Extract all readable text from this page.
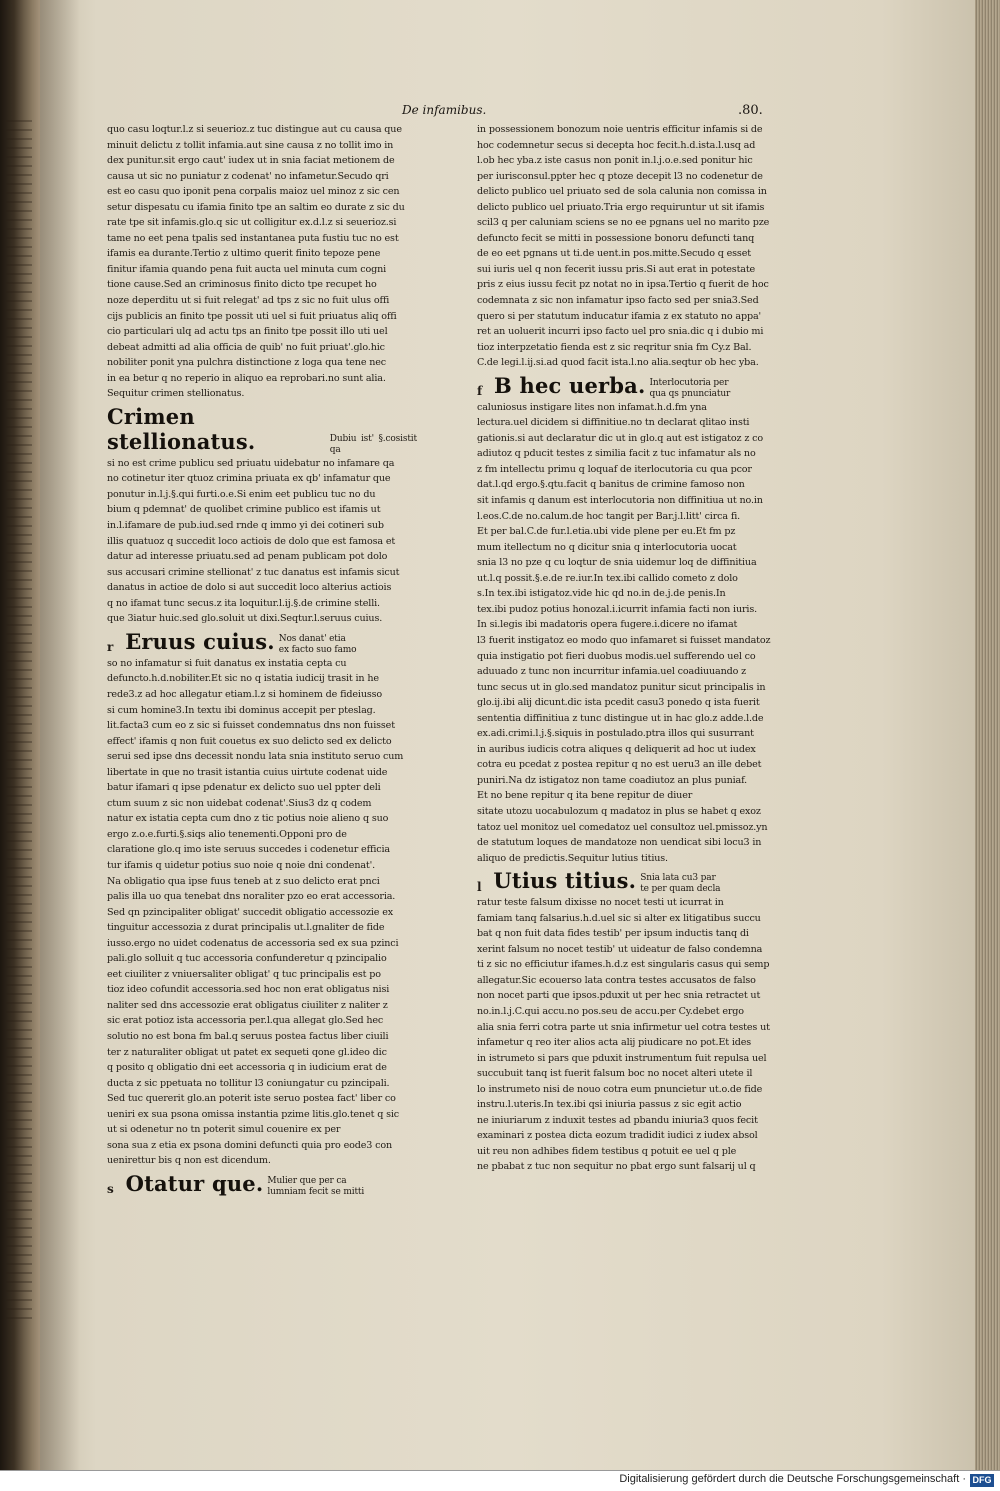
De infamibus.	.80.
quo casu loqtur.l.z si seuerioz.z tuc distingue aut cu causa que
minuit delictu z tollit infamia.aut sine causa z no tollit imo in
dex punitur.sit ergo caut' iudex ut in snia faciat metionem de
causa ut sic no puniatur z codenat' no infametur.Secudo qri
est eo casu quo iponit pena corpalis maioz uel minoz z sic cen
setur dispesatu cu ifamia finito tpe an saltim eo durate z sic du
rate tpe sit infamis.glo.q sic ut colligitur ex.d.l.z si seuerioz.si
tame no eet pena tpalis sed instantanea puta fustiu tuc no est
ifamis ea durante.Tertio z ultimo querit finito tepoze pene
finitur ifamia quando pena fuit aucta uel minuta cum cogni
tione cause.Sed an criminosus finito dicto tpe recupet ho
noze deperditu ut si fuit relegat' ad tps z sic no fuit ulus offi
cijs publicis an finito tpe possit uti uel si fuit priuatus aliq offi
cio particulari ulq ad actu tps an finito tpe possit illo uti uel
debeat admitti ad alia officia de quib' no fuit priuat'.glo.hic
nobiliter ponit yna pulchra distinctione z loga qua tene nec
in ea betur q no reperio in aliquo ea reprobari.no sunt alia.
Sequitur crimen stellionatus.
Crimen stellionatus.	Dubiu ist' §.cosistit qa
si no est crime publicu sed priuatu uidebatur no infamare qa
no cotinetur iter qtuoz crimina priuata ex qb' infamatur que
ponutur in.l.j.§.qui furti.o.e.Si enim eet publicu tuc no du
bium q pdemnat' de quolibet crimine publico est ifamis ut
in.l.ifamare de pub.iud.sed rnde q immo yi dei cotineri sub
illis quatuoz q succedit loco actiois de dolo que est famosa et
datur ad interesse priuatu.sed ad penam publicam pot dolo
sus accusari crimine stellionat' z tuc danatus est infamis sicut
danatus in actioe de dolo si aut succedit loco alterius actiois
q no ifamat tunc secus.z ita loquitur.l.ij.§.de crimine stelli.
que 3iatur huic.sed glo.soluit ut dixi.Seqtur.l.seruus cuius.
r Eruus cuius. Nos danat' etia
ex facto suo famo
so no infamatur si fuit danatus ex instatia cepta cu
defuncto.h.d.nobiliter.Et sic no q istatia iudicij trasit in he
rede3.z ad hoc allegatur etiam.l.z si hominem de fideiusso
si cum homine3.In textu ibi dominus accepit per pteslag.
lit.facta3 cum eo z sic si fuisset condemnatus dns non fuisset
effect' ifamis q non fuit couetus ex suo delicto sed ex delicto
serui sed ipse dns decessit nondu lata snia instituto seruo cum
libertate in que no trasit istantia cuius uirtute codenat uide
batur ifamari q ipse pdenatur ex delicto suo uel ppter deli
ctum suum z sic non uidebat codenat'.Sius3 dz q codem
natur ex istatia cepta cum dno z tic potius noie alieno q suo
ergo z.o.e.furti.§.siqs alio tenementi.Opponi pro de
claratione glo.q imo iste seruus succedes i codenetur efficia
tur ifamis q uidetur potius suo noie q noie dni condenat'.
Na obligatio qua ipse fuus teneb at z suo delicto erat pnci
palis illa uo qua tenebat dns noraliter pzo eo erat accessoria.
Sed qn pzincipaliter obligat' succedit obligatio accessozie ex
tinguitur accessozia z durat principalis ut.l.gnaliter de fide
iusso.ergo no uidet codenatus de accessoria sed ex sua pzinci
pali.glo solluit q tuc accessoria confunderetur q pzincipalio
eet ciuiliter z vniuersaliter obligat' q tuc principalis est po
tioz ideo cofundit accessoria.sed hoc non erat obligatus nisi
naliter sed dns accessozie erat obligatus ciuiliter z naliter z
sic erat potioz ista accessoria per.l.qua allegat glo.Sed hec
solutio no est bona fm bal.q seruus postea factus liber ciuili
ter z naturaliter obligat ut patet ex sequeti qone gl.ideo dic
q posito q obligatio dni eet accessoria q in iudicium erat de
ducta z sic ppetuata no tollitur l3 coniungatur cu pzincipali.
Sed tuc quererit glo.an poterit iste seruo postea fact' liber co
ueniri ex sua psona omissa instantia pzime litis.glo.tenet q sic
ut si odenetur no tn poterit simul couenire ex per
sona sua z etia ex psona domini defuncti quia pro eode3 con
uenirettur bis q non est dicendum.
s Otatur que. Mulier que per ca
lumniam fecit se mitti
in possessionem bonozum noie uentris efficitur infamis si de
hoc codemnetur secus si decepta hoc fecit.h.d.ista.l.usq ad
l.ob hec yba.z iste casus non ponit in.l.j.o.e.sed ponitur hic
per iurisconsul.ppter hec q ptoze decepit l3 no codenetur de
delicto publico uel priuato sed de sola calunia non comissa in
delicto publico uel priuato.Tria ergo requiruntur ut sit ifamis
scil3 q per caluniam sciens se no ee pgnans uel no marito pze
defuncto fecit se mitti in possessione bonoru defuncti tanq
de eo eet pgnans ut ti.de uent.in pos.mitte.Secudo q esset
sui iuris uel q non fecerit iussu pris.Si aut erat in potestate
pris z eius iussu fecit pz notat no in ipsa.Tertio q fuerit de hoc
codemnata z sic non infamatur ipso facto sed per snia3.Sed
quero si per statutum inducatur ifamia z ex statuto no appa'
ret an uoluerit incurri ipso facto uel pro snia.dic q i dubio mi
tioz interpzetatio fienda est z sic reqritur snia fm Cy.z Bal.
C.de legi.l.ij.si.ad quod facit ista.l.no alia.seqtur ob hec yba.
f B hec uerba. Interlocutoria per
qua qs pnunciatur
caluniosus instigare lites non infamat.h.d.fm yna
lectura.uel dicidem si diffinitiue.no tn declarat qlitao insti
gationis.si aut declaratur dic ut in glo.q aut est istigatoz z co
adiutoz q pducit testes z similia facit z tuc infamatur als no
z fm intellectu primu q loquaf de iterlocutoria cu qua pcor
dat.l.qd ergo.§.qtu.facit q banitus de crimine famoso non
sit infamis q danum est interlocutoria non diffinitiua ut no.in
l.eos.C.de no.calum.de hoc tangit per Bar.j.l.litt' circa fi.
Et per bal.C.de fur.l.etia.ubi vide plene per eu.Et fm pz
mum itellectum no q dicitur snia q interlocutoria uocat
snia l3 no pze q cu loqtur de snia uidemur loq de diffinitiua
ut.l.q possit.§.e.de re.iur.In tex.ibi callido cometo z dolo
s.In tex.ibi istigatoz.vide hic qd no.in de.j.de penis.In
tex.ibi pudoz potius honozal.i.icurrit infamia facti non iuris.
In si.legis ibi madatoris opera fugere.i.dicere no ifamat
l3 fuerit instigatoz eo modo quo infamaret si fuisset mandatoz
quia instigatio pot fieri duobus modis.uel sufferendo uel co
aduuado z tunc non incurritur infamia.uel coadiuuando z
tunc secus ut in glo.sed mandatoz punitur sicut principalis in
glo.ij.ibi alij dicunt.dic ista pcedit casu3 ponedo q ista fuerit
sententia diffinitiua z tunc distingue ut in hac glo.z adde.l.de
ex.adi.crimi.l.j.§.siquis in postulado.ptra illos qui susurrant
in auribus iudicis cotra aliques q deliquerit ad hoc ut iudex
cotra eu pcedat z postea repitur q no est ueru3 an ille debet
puniri.Na dz istigatoz non tame coadiutoz an plus puniaf.
Et no bene repitur q ita bene repitur de diuer
sitate utozu uocabulozum q madatoz in plus se habet q exoz
tatoz uel monitoz uel comedatoz uel consultoz uel.pmissoz.yn
de statutum loques de mandatoze non uendicat sibi locu3 in
aliquo de predictis.Sequitur lutius titius.
l Utius titius. Snia lata cu3 par
te per quam decla
ratur teste falsum dixisse no nocet testi ut icurrat in
famiam tanq falsarius.h.d.uel sic si alter ex litigatibus succu
bat q non fuit data fides testib' per ipsum inductis tanq di
xerint falsum no nocet testib' ut uideatur de falso condemna
ti z sic no efficiutur ifames.h.d.z est singularis casus qui semp
allegatur.Sic ecouerso lata contra testes accusatos de falso
non nocet parti que ipsos.pduxit ut per hec snia retractet ut
no.in.l.j.C.qui accu.no pos.seu de accu.per Cy.debet ergo
alia snia ferri cotra parte ut snia infirmetur uel cotra testes ut
infametur q reo iter alios acta alij piudicare no pot.Et ides
in istrumeto si pars que pduxit instrumentum fuit repulsa uel
succubuit tanq ist fuerit falsum boc no nocet alteri utete il
lo instrumeto nisi de nouo cotra eum pnuncietur ut.o.de fide
instru.l.uteris.In tex.ibi qsi iniuria passus z sic egit actio
ne iniuriarum z induxit testes ad pbandu iniuria3 quos fecit
examinari z postea dicta eozum tradidit iudici z iudex absol
uit reu non adhibes fidem testibus q potuit ee uel q ple
ne pbabat z tuc non sequitur no pbat ergo sunt falsarij ul q
Digitalisierung gefördert durch die Deutsche Forschungsgemeinschaft · DFG
